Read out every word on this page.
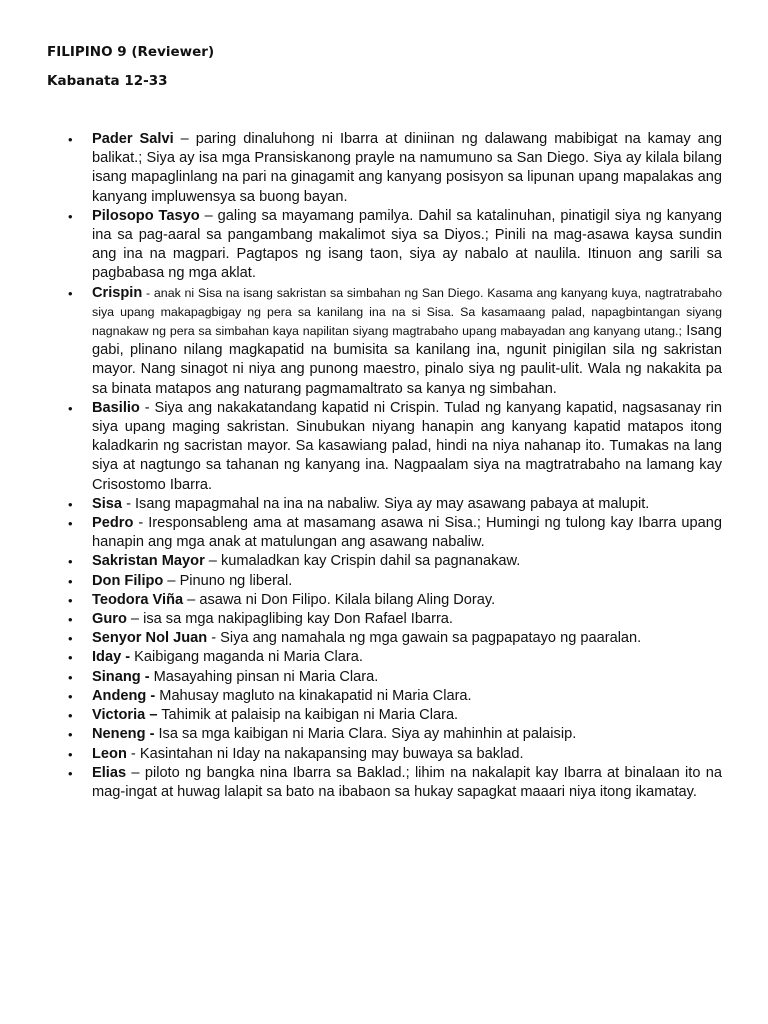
FILIPINO 9 (Reviewer)
Kabanata 12-33
• Pader Salvi – paring dinaluhong ni Ibarra at diniinan ng dalawang mabibigat na kamay ang balikat.; Siya ay isa mga Pransiskanong prayle na namumuno sa San Diego. Siya ay kilala bilang isang mapaglinlang na pari na ginagamit ang kanyang posisyon sa lipunan upang mapalakas ang kanyang impluwensya sa buong bayan.
• Pilosopo Tasyo – galing sa mayamang pamilya. Dahil sa katalinuhan, pinatigil siya ng kanyang ina sa pag-aaral sa pangambang makalimot siya sa Diyos.; Pinili na mag-asawa kaysa sundin ang ina na magpari. Pagtapos ng isang taon, siya ay nabalo at naulila. Itinuon ang sarili sa pagbabasa ng mga aklat.
• Crispin - anak ni Sisa na isang sakristan sa simbahan ng San Diego. Kasama ang kanyang kuya, nagtratrabaho siya upang makapagbigay ng pera sa kanilang ina na si Sisa. Sa kasamaang palad, napagbintangan siyang nagnakaw ng pera sa simbahan kaya napilitan siyang magtrabaho upang mabayadan ang kanyang utang.; Isang gabi, plinano nilang magkapatid na bumisita sa kanilang ina, ngunit pinigilan sila ng sakristan mayor. Nang sinagot ni niya ang punong maestro, pinalo siya ng paulit-ulit. Wala ng nakakita pa sa binata matapos ang naturang pagmamaltrato sa kanya ng simbahan.
• Basilio - Siya ang nakakatandang kapatid ni Crispin. Tulad ng kanyang kapatid, nagsasanay rin siya upang maging sakristan. Sinubukan niyang hanapin ang kanyang kapatid matapos itong kaladkarin ng sacristan mayor. Sa kasawiang palad, hindi na niya nahanap ito. Tumakas na lang siya at nagtungo sa tahanan ng kanyang ina. Nagpaalam siya na magtratrabaho na lamang kay Crisostomo Ibarra.
• Sisa - Isang mapagmahal na ina na nabaliw. Siya ay may asawang pabaya at malupit.
• Pedro - Iresponsableng ama at masamang asawa ni Sisa.; Humingi ng tulong kay Ibarra upang hanapin ang mga anak at matulungan ang asawang nabaliw.
• Sakristan Mayor – kumaladkan kay Crispin dahil sa pagnanakaw.
• Don Filipo – Pinuno ng liberal.
• Teodora Viña – asawa ni Don Filipo. Kilala bilang Aling Doray.
• Guro – isa sa mga nakipaglibing kay Don Rafael Ibarra.
• Senyor Nol Juan - Siya ang namahala ng mga gawain sa pagpapatayo ng paaralan.
• Iday - Kaibigang maganda ni Maria Clara.
• Sinang - Masayahing pinsan ni Maria Clara.
• Andeng - Mahusay magluto na kinakapatid ni Maria Clara.
• Victoria – Tahimik at palaisip na kaibigan ni Maria Clara.
• Neneng - Isa sa mga kaibigan ni Maria Clara. Siya ay mahinhin at palaisip.
• Leon - Kasintahan ni Iday na nakapansing may buwaya sa baklad.
• Elias – piloto ng bangka nina Ibarra sa Baklad.; lihim na nakalapit kay Ibarra at binalaan ito na mag-ingat at huwag lalapit sa bato na ibabaon sa hukay sapagkat maaari niya itong ikamatay.
